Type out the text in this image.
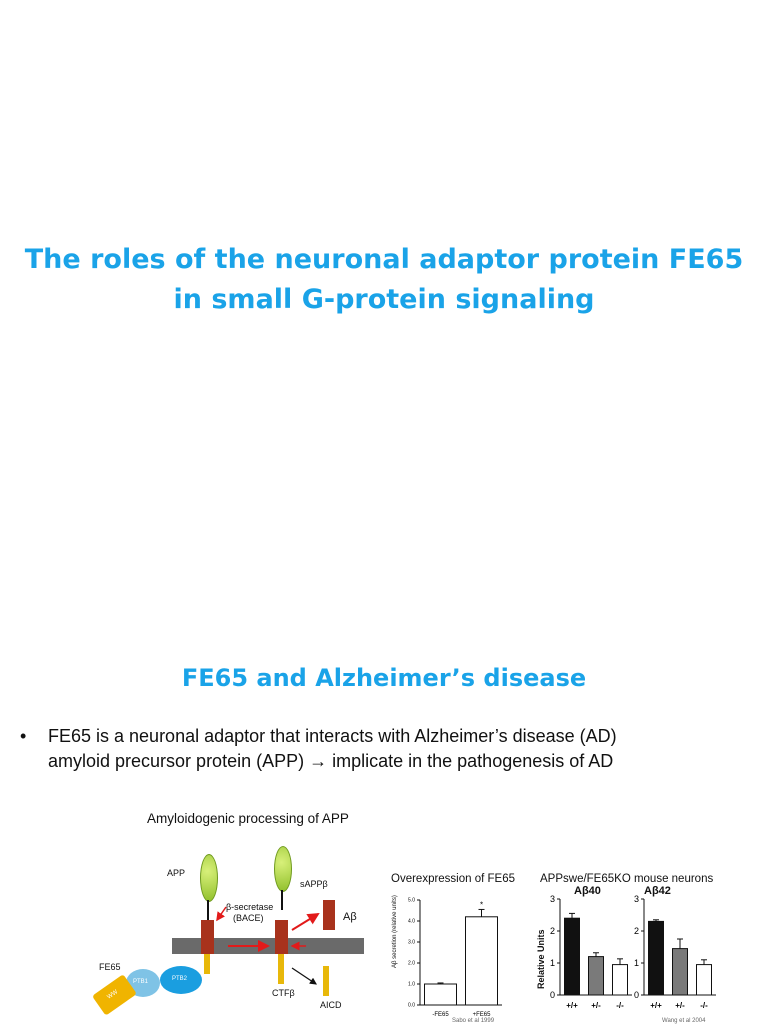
The roles of the neuronal adaptor protein FE65
in small G-protein signaling
FE65 and Alzheimer’s disease
• FE65 is a neuronal adaptor that interacts with Alzheimer’s disease (AD)
amyloid precursor protein (APP) → implicate in the pathogenesis of AD
Amyloidogenic processing of APP
APP
sAPPβ
β-secretase
(BACE)	Aβ
FE65
CTFβ
AICD
PTB1	PTB2
WW
Overexpression of FE65
Aβ secretion (relative units)
0.0
1.0
2.0
3.0
4.0
5.0
-FE65	+FE65
*
Sabo et al 1999
APPswe/FE65KO mouse neurons
Aβ40	Aβ42
Relative Units
0
1
2
3
+/+ +/- -/-
0
1
2
3
+/+ +/- -/-
Wang et al 2004
